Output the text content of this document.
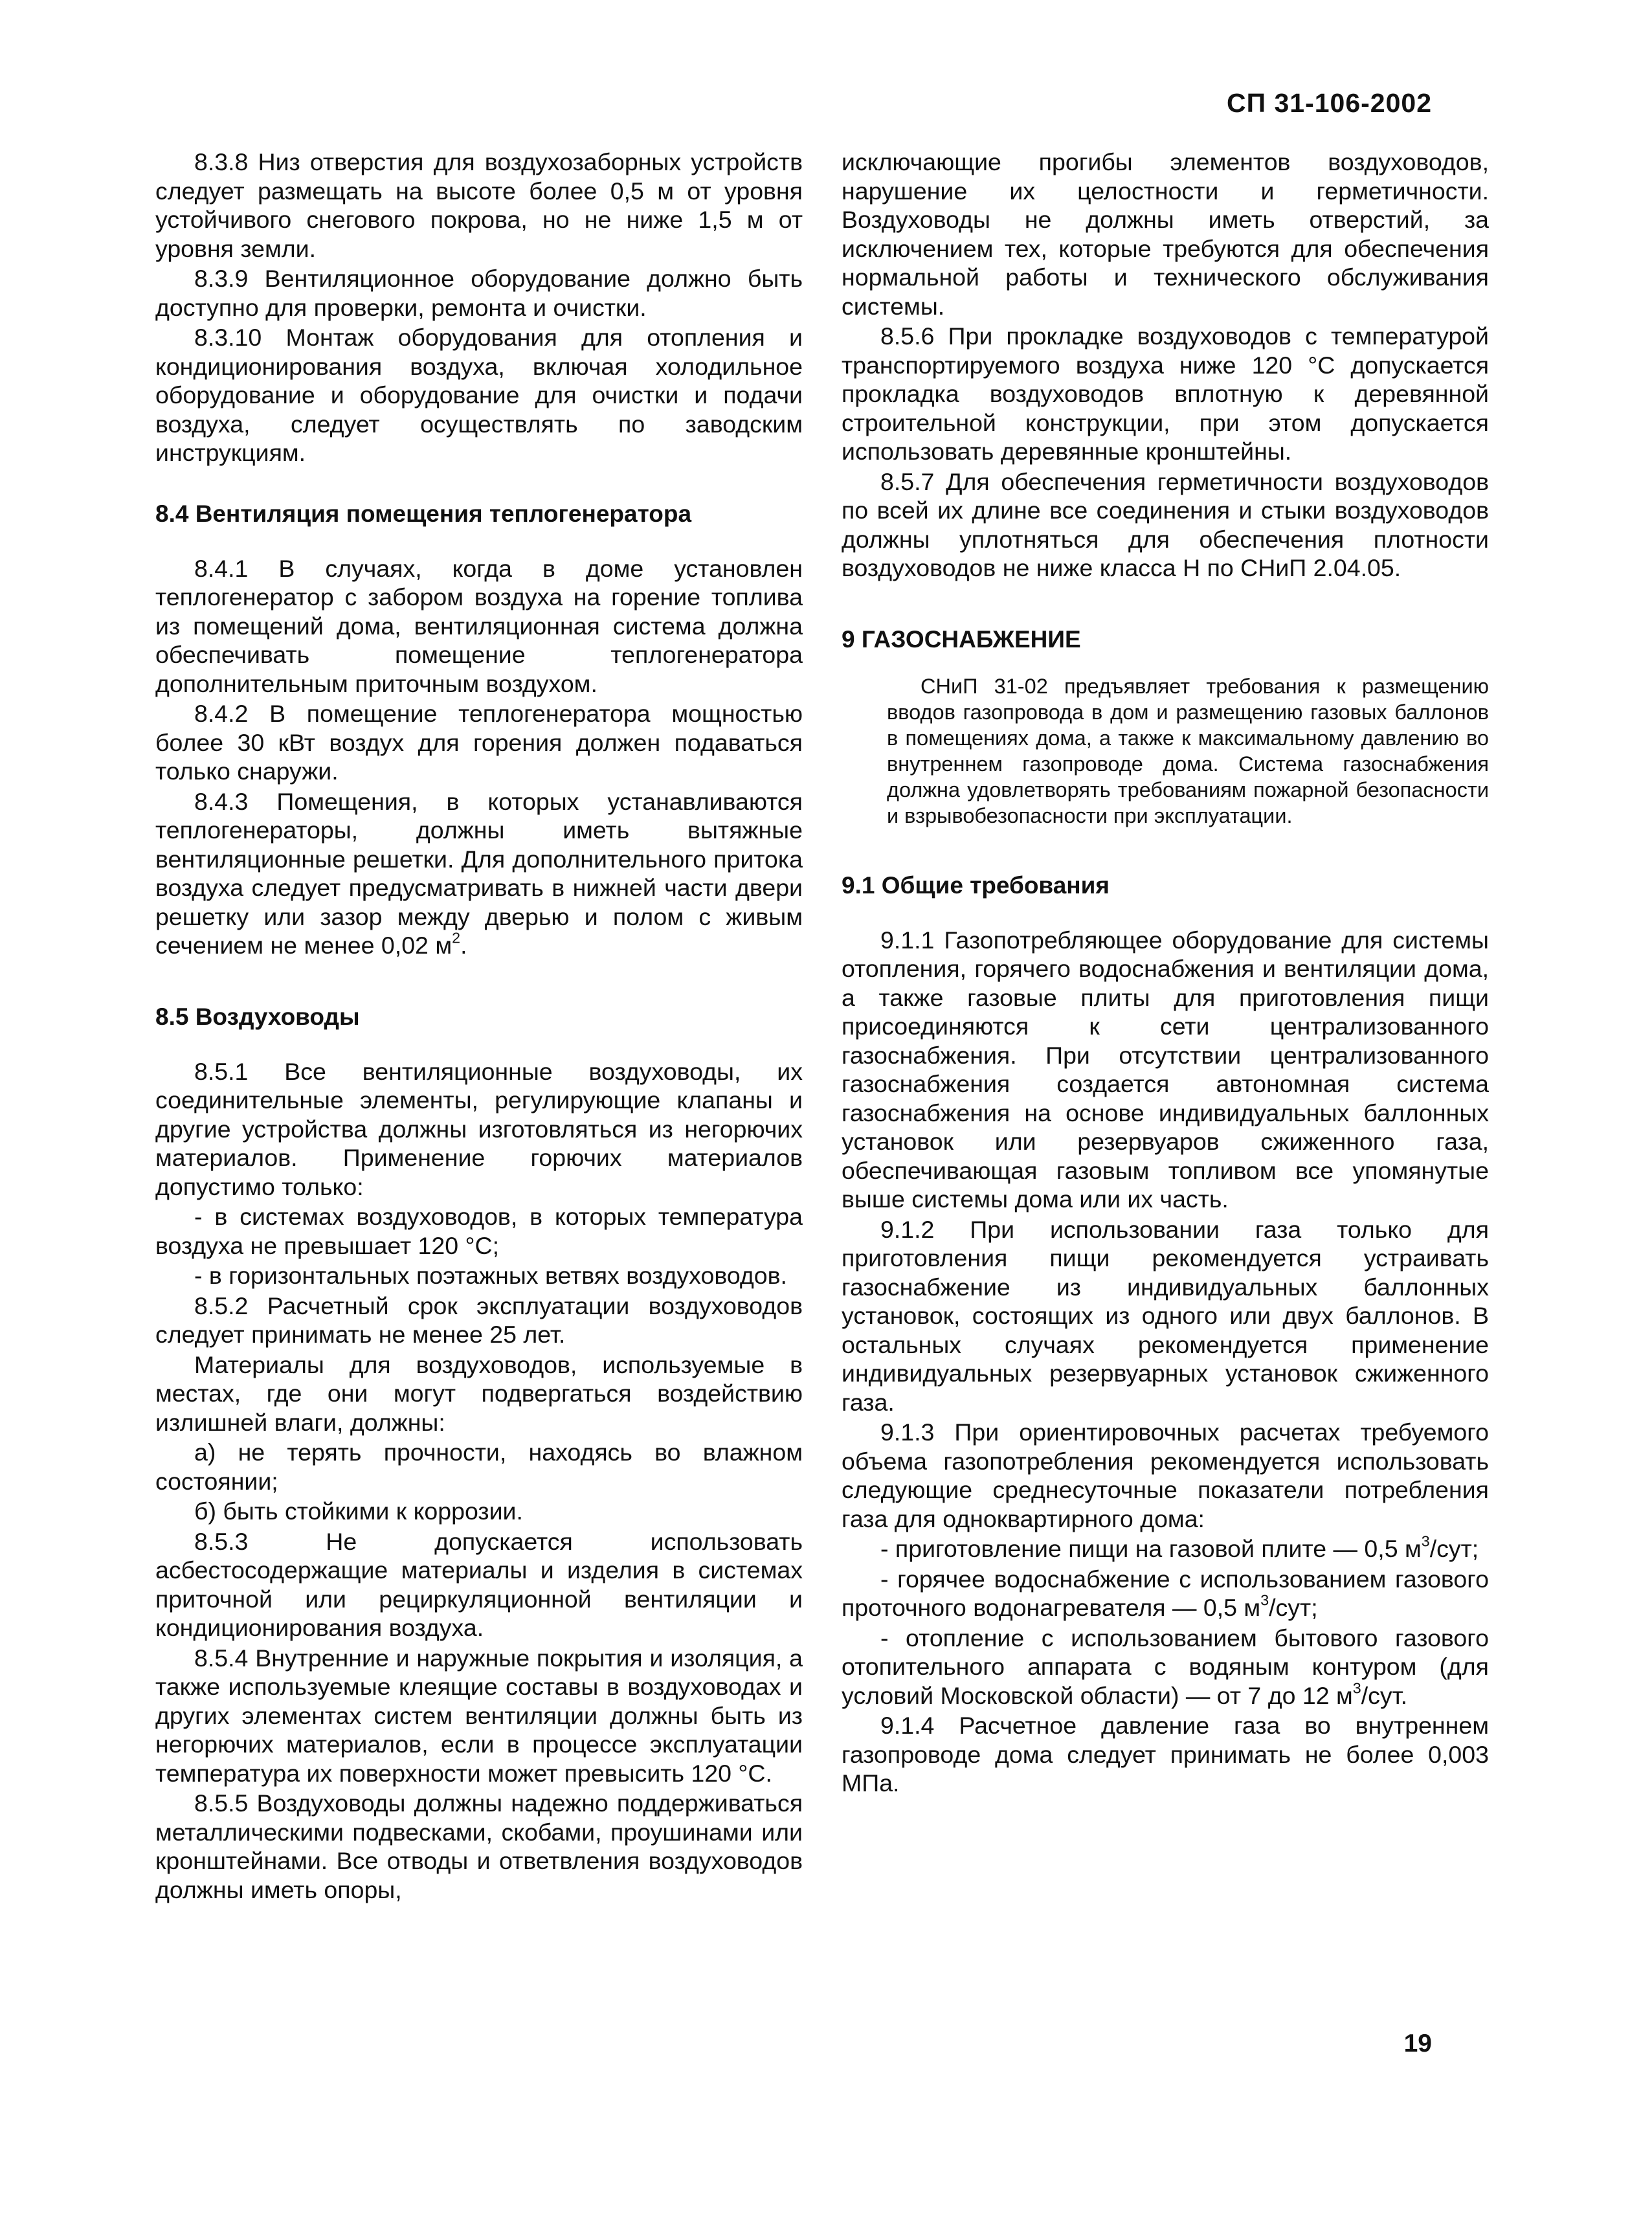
СП 31-106-2002

8.3.8 Низ отверстия для воздухозаборных устройств следует размещать на высоте более 0,5 м от уровня устойчивого снегового покрова, но не ниже 1,5 м от уровня земли.

8.3.9 Вентиляционное оборудование должно быть доступно для проверки, ремонта и очистки.

8.3.10 Монтаж оборудования для отопления и кондиционирования воздуха, включая холодильное оборудование и оборудование для очистки и подачи воздуха, следует осуществлять по заводским инструкциям.

8.4 Вентиляция помещения теплогенератора

8.4.1 В случаях, когда в доме установлен теплогенератор с забором воздуха на горение топлива из помещений дома, вентиляционная система должна обеспечивать помещение теплогенератора дополнительным приточным воздухом.

8.4.2 В помещение теплогенератора мощностью более 30 кВт воздух для горения должен подаваться только снаружи.

8.4.3 Помещения, в которых устанавливаются теплогенераторы, должны иметь вытяжные вентиляционные решетки. Для дополнительного притока воздуха следует предусматривать в нижней части двери решетку или зазор между дверью и полом с живым сечением не менее 0,02 $м^2$.

8.5 Воздуховоды

8.5.1 Все вентиляционные воздуховоды, их соединительные элементы, регулирующие клапаны и другие устройства должны изготовляться из негорючих материалов. Применение горючих материалов допустимо только:

- в системах воздуховодов, в которых температура воздуха не превышает 120 °С;

- в горизонтальных поэтажных ветвях воздуховодов.

8.5.2 Расчетный срок эксплуатации воздуховодов следует принимать не менее 25 лет.

Материалы для воздуховодов, используемые в местах, где они могут подвергаться воздействию излишней влаги, должны:

а) не терять прочности, находясь во влажном состоянии;

б) быть стойкими к коррозии.

8.5.3 Не допускается использовать асбестосодержащие материалы и изделия в системах приточной или рециркуляционной вентиляции и кондиционирования воздуха.

8.5.4 Внутренние и наружные покрытия и изоляция, а также используемые клеящие составы в воздуховодах и других элементах систем вентиляции должны быть из негорючих материалов, если в процессе эксплуатации температура их поверхности может превысить 120 °С.

8.5.5 Воздуховоды должны надежно поддерживаться металлическими подвесками, скобами, проушинами или кронштейнами. Все отводы и ответвления воздуховодов должны иметь опоры,

исключающие прогибы элементов воздуховодов, нарушение их целостности и герметичности. Воздуховоды не должны иметь отверстий, за исключением тех, которые требуются для обеспечения нормальной работы и технического обслуживания системы.

8.5.6 При прокладке воздуховодов с температурой транспортируемого воздуха ниже 120 °С допускается прокладка воздуховодов вплотную к деревянной строительной конструкции, при этом допускается использовать деревянные кронштейны.

8.5.7 Для обеспечения герметичности воздуховодов по всей их длине все соединения и стыки воздуховодов должны уплотняться для обеспечения плотности воздуховодов не ниже класса Н по СНиП 2.04.05.

9 ГАЗОСНАБЖЕНИЕ

СНиП 31-02 предъявляет требования к размещению вводов газопровода в дом и размещению газовых баллонов в помещениях дома, а также к максимальному давлению во внутреннем газопроводе дома. Система газоснабжения должна удовлетворять требованиям пожарной безопасности и взрывобезопасности при эксплуатации.

9.1 Общие требования

9.1.1 Газопотребляющее оборудование для системы отопления, горячего водоснабжения и вентиляции дома, а также газовые плиты для приготовления пищи присоединяются к сети централизованного газоснабжения. При отсутствии централизованного газоснабжения создается автономная система газоснабжения на основе индивидуальных баллонных установок или резервуаров сжиженного газа, обеспечивающая газовым топливом все упомянутые выше системы дома или их часть.

9.1.2 При использовании газа только для приготовления пищи рекомендуется устраивать газоснабжение из индивидуальных баллонных установок, состоящих из одного или двух баллонов. В остальных случаях рекомендуется применение индивидуальных резервуарных установок сжиженного газа.

9.1.3 При ориентировочных расчетах требуемого объема газопотребления рекомендуется использовать следующие среднесуточные показатели потребления газа для одноквартирного дома:

- приготовление пищи на газовой плите — 0,5 $м^3$/сут;

- горячее водоснабжение с использованием газового проточного водонагревателя — 0,5 $м^3$/сут;

- отопление с использованием бытового газового отопительного аппарата с водяным контуром (для условий Московской области) — от 7 до 12 $м^3$/сут.

9.1.4 Расчетное давление газа во внутреннем газопроводе дома следует принимать не более 0,003 МПа.

19
